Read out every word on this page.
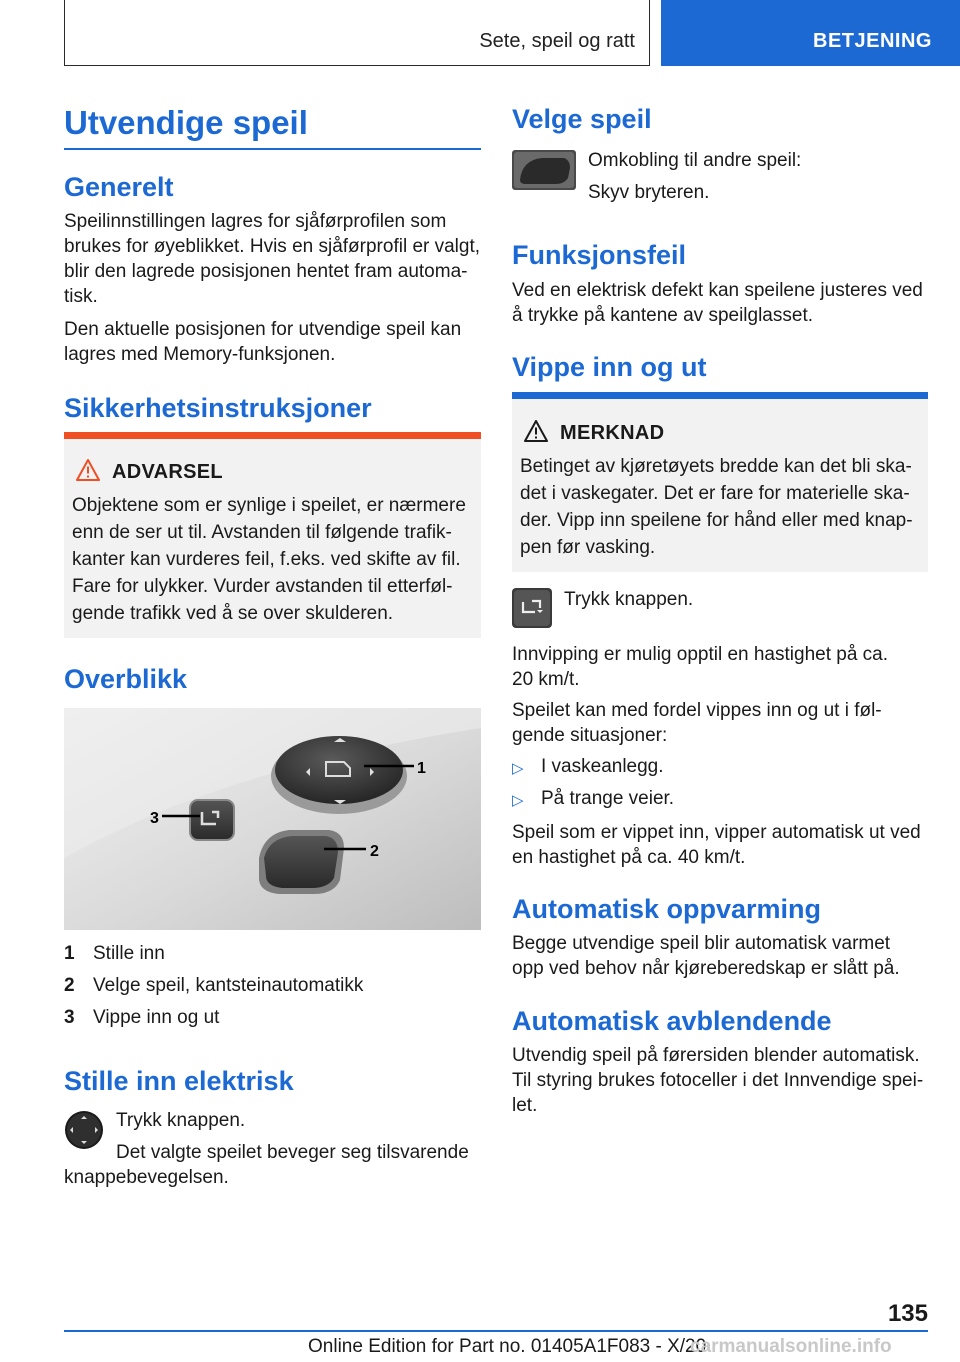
Sete, speil og ratt	BETJENING
Utvendige speil
Generelt
Speilinnstillingen lagres for sjåførprofilen som
brukes for øyeblikket. Hvis en sjåførprofil er valgt,
blir den lagrede posisjonen hentet fram automa-
tisk.
Den aktuelle posisjonen for utvendige speil kan
lagres med Memory-funksjonen.
Sikkerhetsinstruksjoner
ADVARSEL
Objektene som er synlige i speilet, er nærmere
enn de ser ut til. Avstanden til følgende trafik-
kanter kan vurderes feil, f.eks. ved skifte av fil.
Fare for ulykker. Vurder avstanden til etterføl-
gende trafikk ved å se over skulderen.
Overblikk
1
2
3
1 Stille inn
2 Velge speil, kantsteinautomatikk
3 Vippe inn og ut
Stille inn elektrisk
Trykk knappen.
Det valgte speilet beveger seg tilsvarende
knappebevegelsen.
Velge speil
Omkobling til andre speil:
Skyv bryteren.
Funksjonsfeil
Ved en elektrisk defekt kan speilene justeres ved
å trykke på kantene av speilglasset.
Vippe inn og ut
MERKNAD
Betinget av kjøretøyets bredde kan det bli ska-
det i vaskegater. Det er fare for materielle ska-
der. Vipp inn speilene for hånd eller med knap-
pen før vasking.
Trykk knappen.
Innvipping er mulig opptil en hastighet på ca.
20 km/t.
Speilet kan med fordel vippes inn og ut i føl-
gende situasjoner:
▷ I vaskeanlegg.
▷ På trange veier.
Speil som er vippet inn, vipper automatisk ut ved
en hastighet på ca. 40 km/t.
Automatisk oppvarming
Begge utvendige speil blir automatisk varmet
opp ved behov når kjøreberedskap er slått på.
Automatisk avblendende
Utvendig speil på førersiden blender automatisk.
Til styring brukes fotoceller i det Innvendige spei-
let.
135
Online Edition for Part no. 01405A1F083 - X/20
carmanualsonline.info
